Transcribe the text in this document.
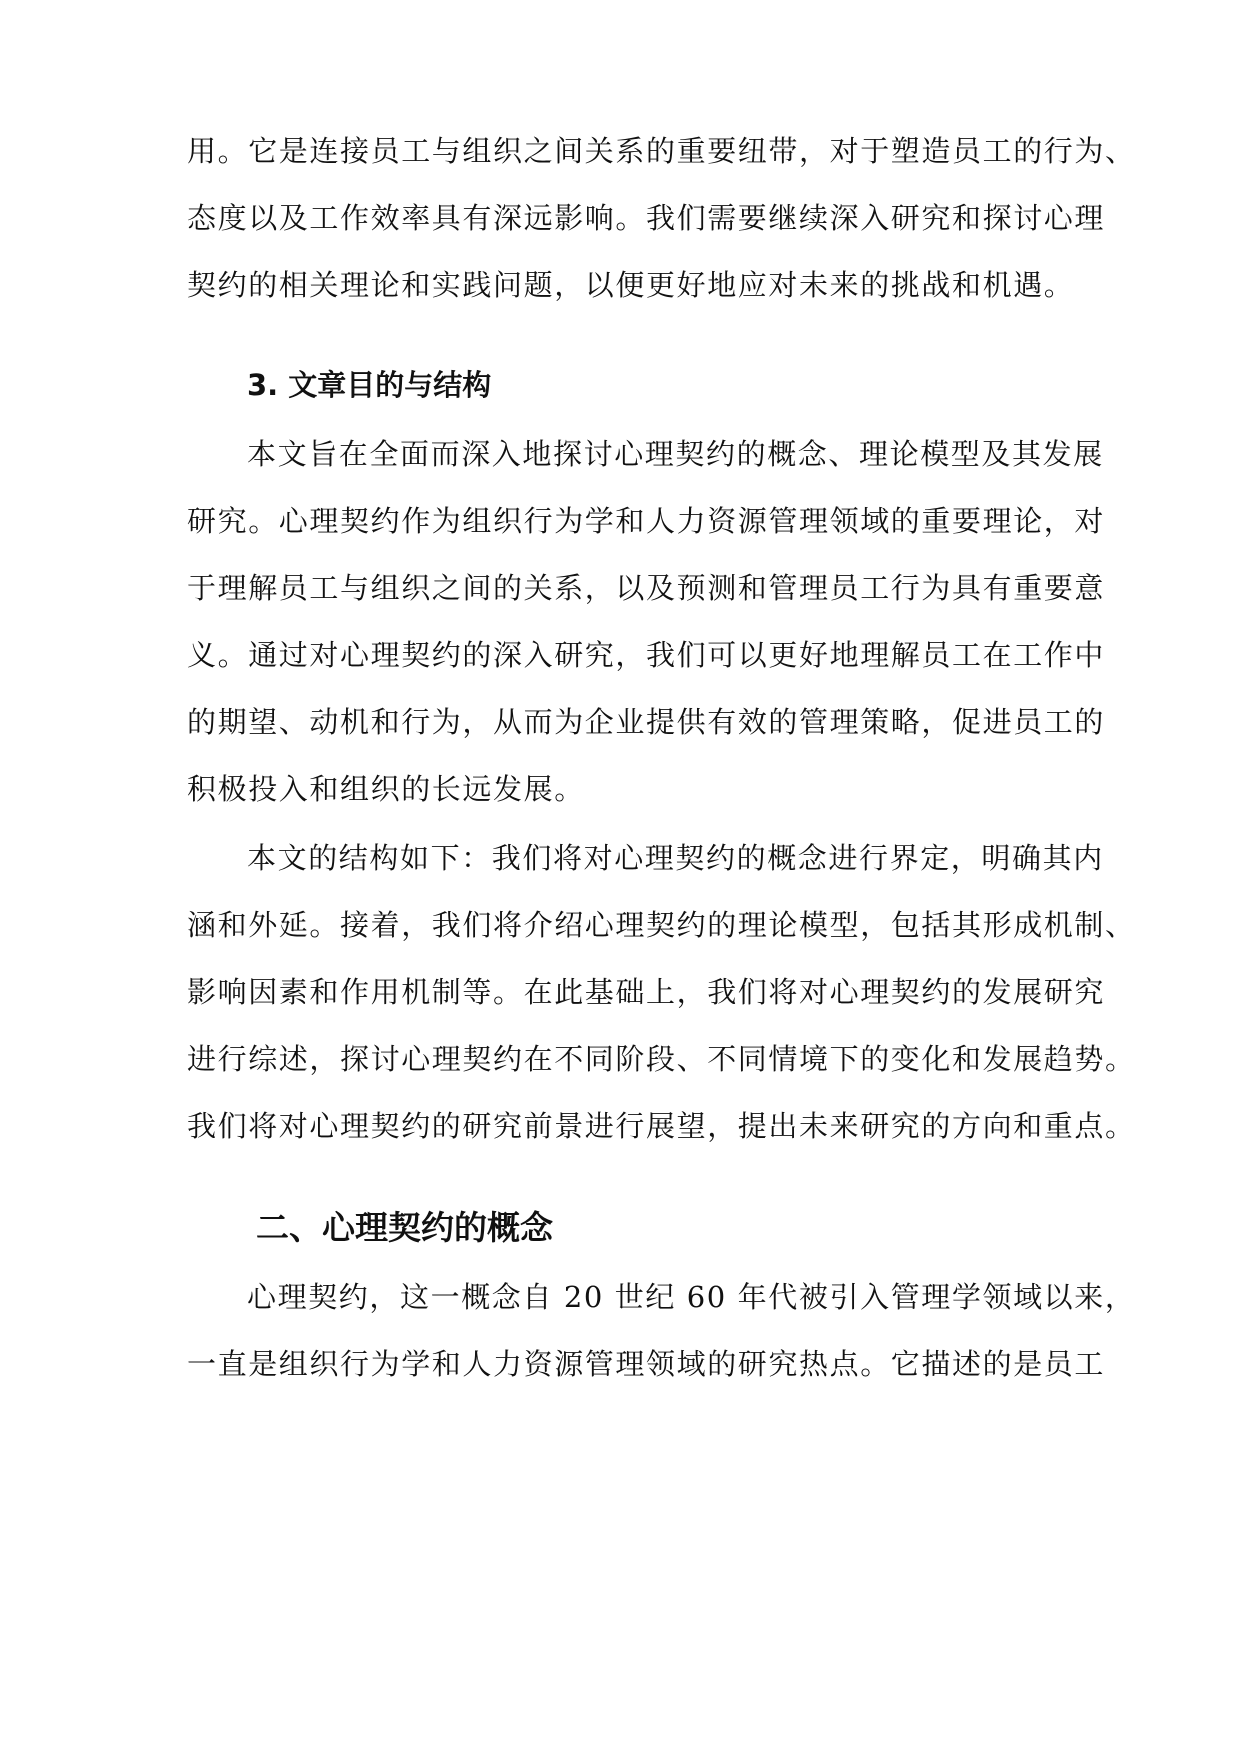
用。它是连接员工与组织之间关系的重要纽带，对于塑造员工的行为、
态度以及工作效率具有深远影响。我们需要继续深入研究和探讨心理
契约的相关理论和实践问题，以便更好地应对未来的挑战和机遇。
3. 文章目的与结构
本文旨在全面而深入地探讨心理契约的概念、理论模型及其发展
研究。心理契约作为组织行为学和人力资源管理领域的重要理论，对
于理解员工与组织之间的关系，以及预测和管理员工行为具有重要意
义。通过对心理契约的深入研究，我们可以更好地理解员工在工作中
的期望、动机和行为，从而为企业提供有效的管理策略，促进员工的
积极投入和组织的长远发展。
本文的结构如下：我们将对心理契约的概念进行界定，明确其内
涵和外延。接着，我们将介绍心理契约的理论模型，包括其形成机制、
影响因素和作用机制等。在此基础上，我们将对心理契约的发展研究
进行综述，探讨心理契约在不同阶段、不同情境下的变化和发展趋势。
我们将对心理契约的研究前景进行展望，提出未来研究的方向和重点。
二、心理契约的概念
心理契约，这一概念自 20 世纪 60 年代被引入管理学领域以来，
一直是组织行为学和人力资源管理领域的研究热点。它描述的是员工
